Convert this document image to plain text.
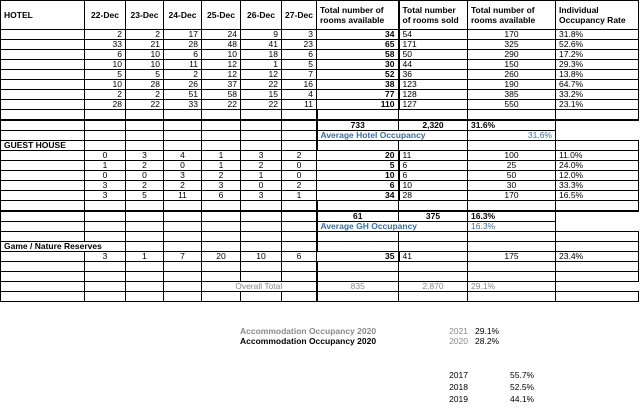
HOTEL	22-Dec	23-Dec	24-Dec	25-Dec	26-Dec	27-Dec	Total number of rooms available	Total number of rooms sold	Total number of rooms available	Individual Occupancy Rate
	2	2	17	24	9	3	34	54	170	31.8%
	33	21	28	48	41	23	65	171	325	52.6%
	6	10	6	10	18	6	58	50	290	17.2%
	10	10	11	12	1	5	30	44	150	29.3%
	5	5	2	12	12	7	52	36	260	13.8%
	10	28	26	37	22	16	38	123	190	64.7%
	2	2	51	58	15	4	77	128	385	33.2%
	28	22	33	22	22	11	110	127	550	23.1%

							733	2,320	31.6%	
							Average Hotel Occupancy		31.6%	
GUEST HOUSE										
	0	3	4	1	3	2	20	11	100	11.0%
	1	2	0	1	2	0	5	6	25	24.0%
	0	0	3	2	1	0	10	6	50	12.0%
	3	2	2	3	0	2	6	10	30	33.3%
	3	5	11	6	3	1	34	28	170	16.5%

							61	375	16.3%	
							Average GH Occupancy		16.3%	

Game / Nature Reserves										
	3	1	7	20	10	6	35	41	175	23.4%

				Overall Total			835	2,870	29.1%	

Accommodation Occupancy 2020	2021 29.1%
Accommodation Occupancy 2020	2020 28.2%
2017	55.7%
2018	52.5%
2019	44.1%
